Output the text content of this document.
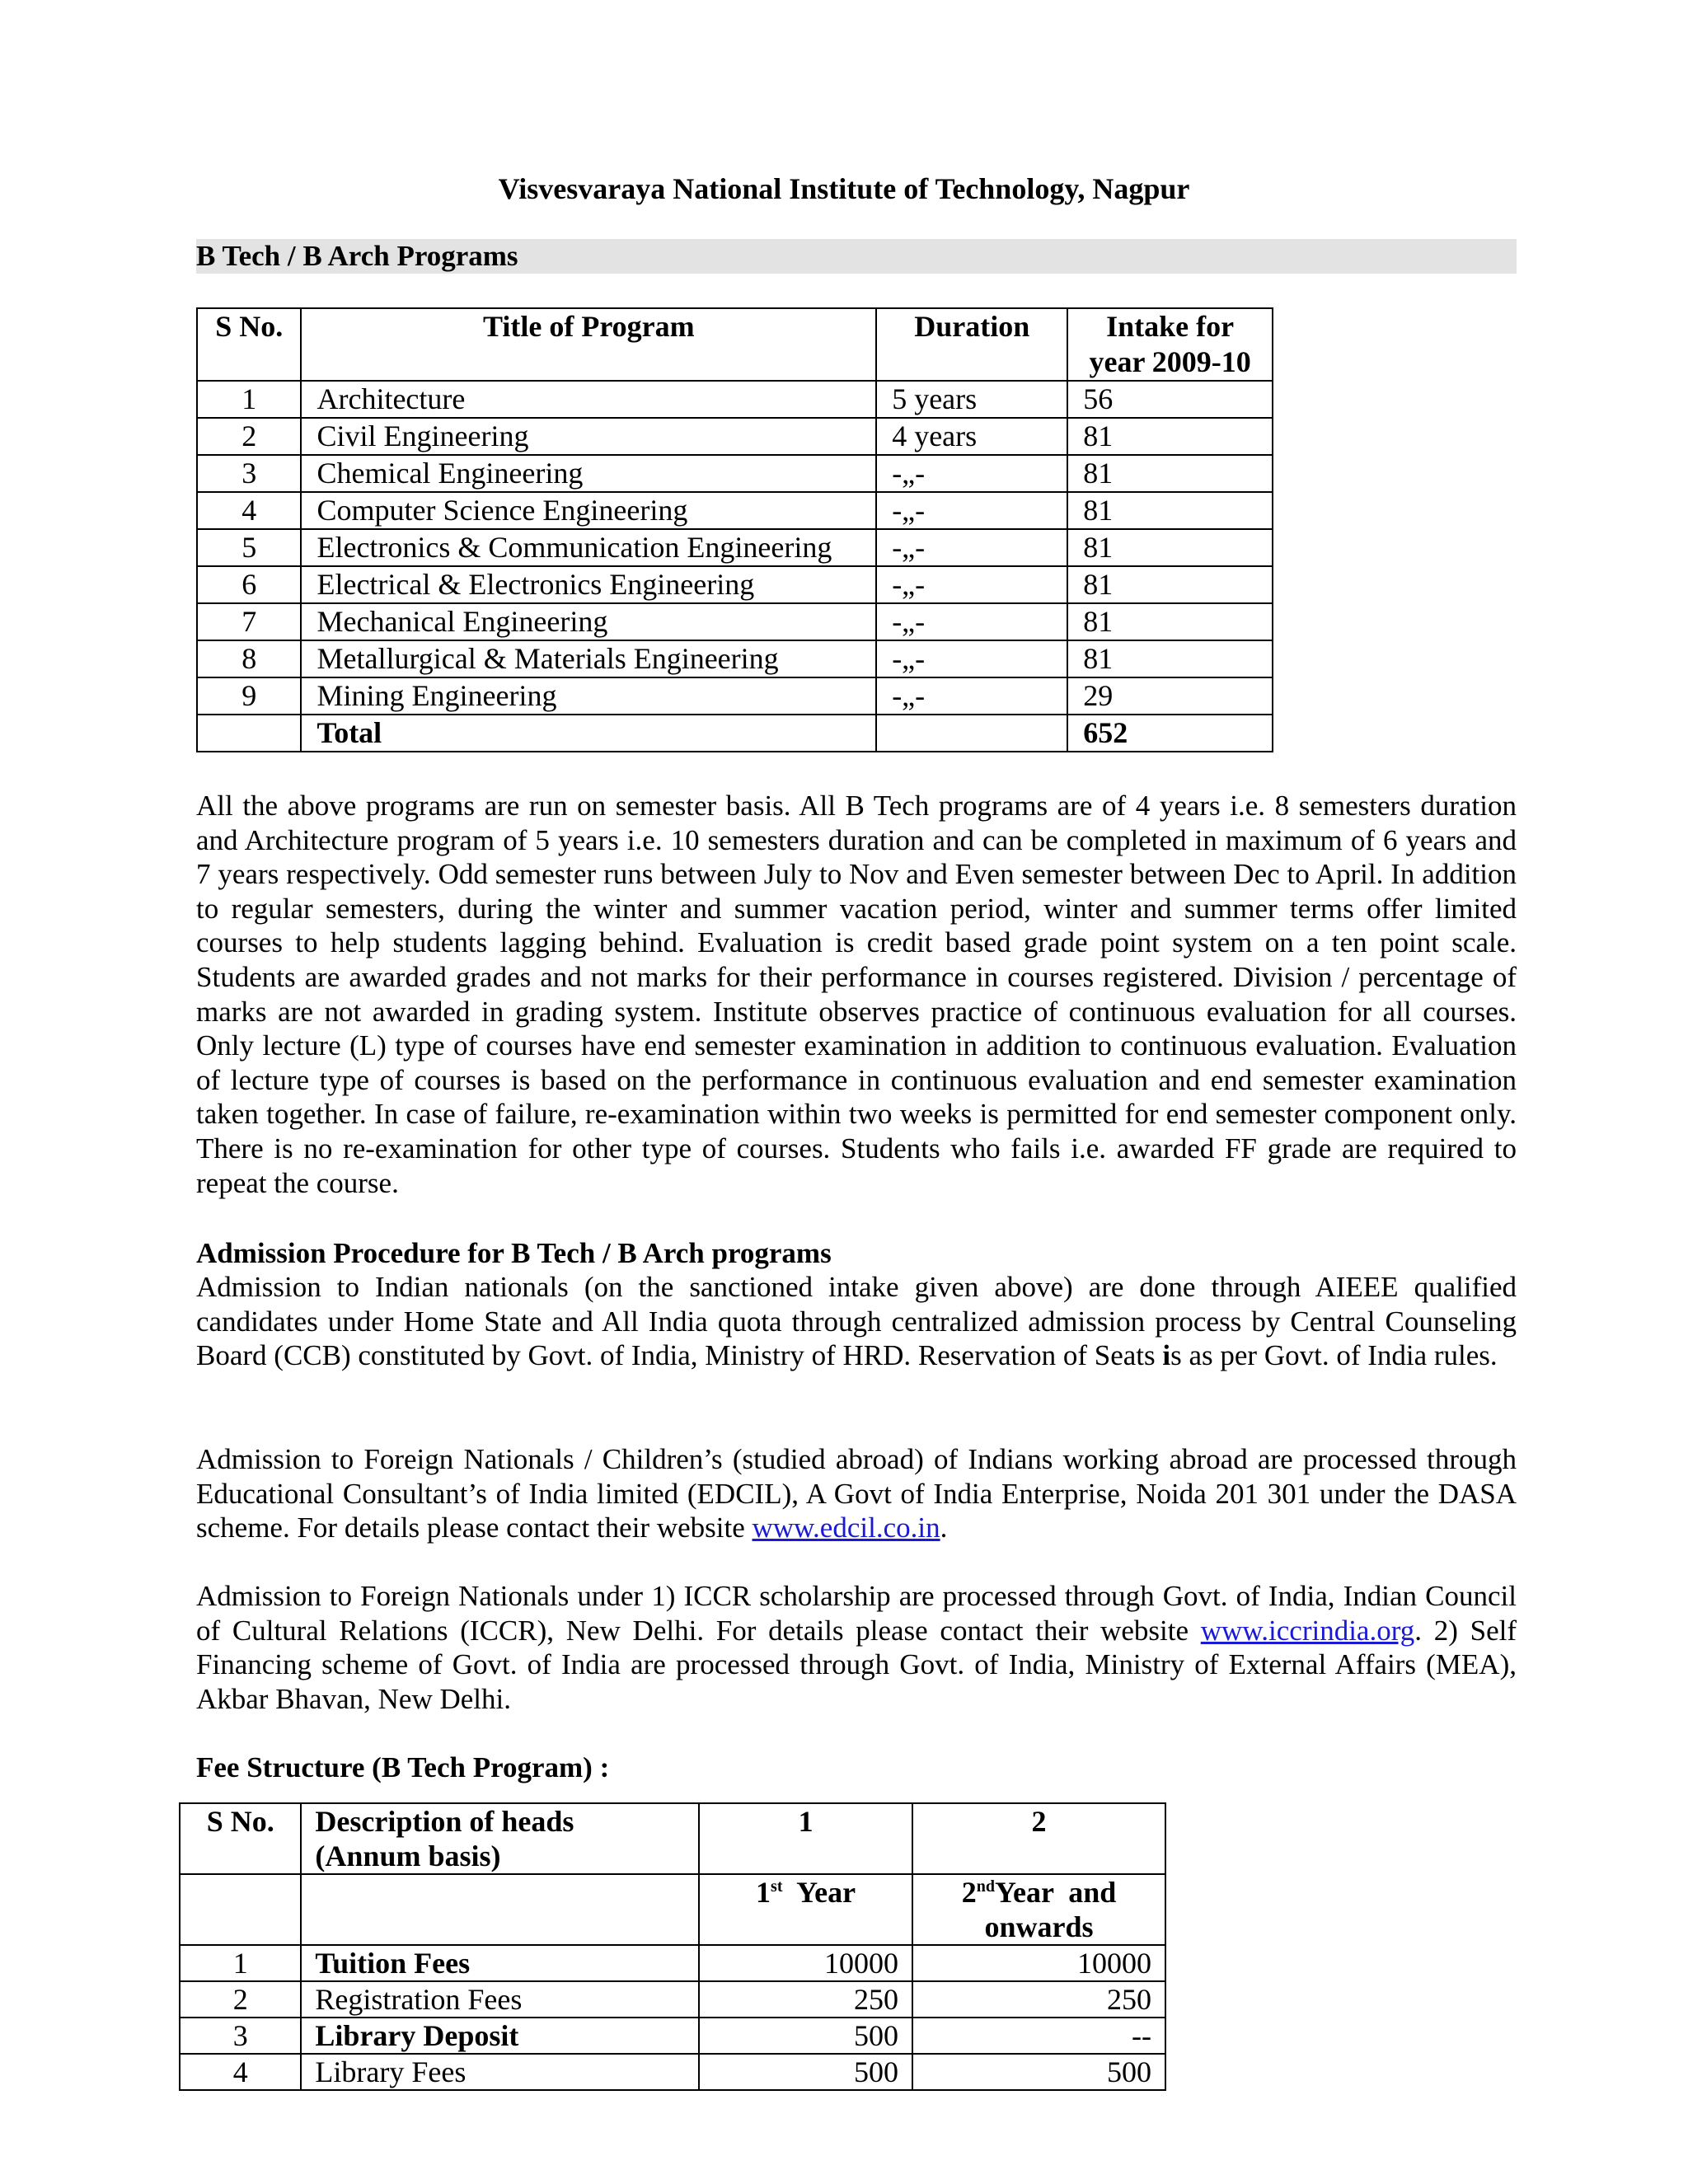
Visvesvaraya National Institute of Technology, Nagpur
B Tech / B Arch Programs
S No.	Title of Program	Duration	Intake for
year 2009-10

1	Architecture	5 years	56
2	Civil Engineering	4 years	81
3	Chemical Engineering	-„-	81
4	Computer Science Engineering	-„-	81
5	Electronics & Communication Engineering	-„-	81
6	Electrical & Electronics Engineering	-„-	81
7	Mechanical Engineering	-„-	81
8	Metallurgical & Materials Engineering	-„-	81
9	Mining Engineering	-„-	29
	Total		652

All the above programs are run on semester basis. All B Tech programs are of 4 years i.e. 8 semesters duration and Architecture program of 5 years i.e. 10 semesters duration and can be completed in maximum of 6 years and 7 years respectively. Odd semester runs between July to Nov and Even semester between Dec to April. In addition to regular semesters, during the winter and summer vacation period, winter and summer terms offer limited courses to help students lagging behind. Evaluation is credit based grade point system on a ten point scale. Students are awarded grades and not marks for their performance in courses registered. Division / percentage of marks are not awarded in grading system. Institute observes practice of continuous evaluation for all courses. Only lecture (L) type of courses have end semester examination in addition to continuous evaluation. Evaluation of lecture type of courses is based on the performance in continuous evaluation and end semester examination taken together. In case of failure, re-examination within two weeks is permitted for end semester component only. There is no re-examination for other type of courses. Students who fails i.e. awarded FF grade are required to repeat the course.

Admission Procedure for B Tech / B Arch programs

Admission to Indian nationals (on the sanctioned intake given above) are done through AIEEE qualified candidates under Home State and All India quota through centralized admission process by Central Counseling Board (CCB) constituted by Govt. of India, Ministry of HRD. Reservation of Seats is as per Govt. of India rules.

Admission to Foreign Nationals / Children’s (studied abroad) of Indians working abroad are processed through Educational Consultant’s of India limited (EDCIL), A Govt of India Enterprise, Noida 201 301 under the DASA scheme. For details please contact their website www.edcil.co.in.

Admission to Foreign Nationals under 1) ICCR scholarship are processed through Govt. of India, Indian Council of Cultural Relations (ICCR), New Delhi. For details please contact their website www.iccrindia.org. 2) Self Financing scheme of Govt. of India are processed through Govt. of India, Ministry of External Affairs (MEA), Akbar Bhavan, New Delhi.

Fee Structure (B Tech Program) :

S No.	Description of heads
(Annum basis)	1	2
		1st  Year	2ndYear  and
onwards

1	Tuition Fees	10000	10000
2	Registration Fees	250	250
3	Library Deposit	500	--
4	Library Fees	500	500
